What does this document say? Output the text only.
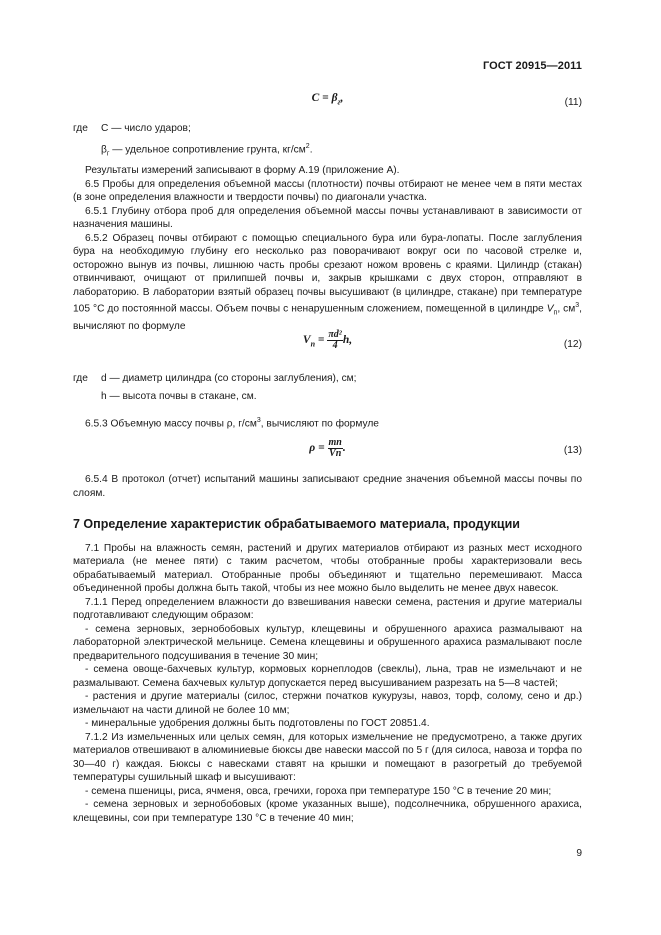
ГОСТ 20915—2011
$C = \beta_г$,	(11)
где C — число ударов;

$\beta_г$ — удельное сопротивление грунта, $кг/см^2$.

Результаты измерений записывают в форму А.19 (приложение А).

6.5 Пробы для определения объемной массы (плотности) почвы отбирают не менее чем в пяти местах (в зоне определения влажности и твердости почвы) по диагонали участка.

6.5.1 Глубину отбора проб для определения объемной массы почвы устанавливают в зависимости от назначения машины.

6.5.2 Образец почвы отбирают с помощью специального бура или бура-лопаты. После заглубления бура на необходимую глубину его несколько раз поворачивают вокруг оси по часовой стрелке и, осторожно вынув из почвы, лишнюю часть пробы срезают ножом вровень с краями. Цилиндр (стакан) отвинчивают, очищают от прилипшей почвы и, закрыв крышками с двух сторон, отправляют в лабораторию. В лаборатории взятый образец почвы высушивают (в цилиндре, стакане) при температуре 105 °C до постоянной массы. Объем почвы с ненарушенным сложением, помещенной в цилиндре $V_п$, $см^3$, вычисляют по формуле

$V_п = \frac{\text{πd²}}{4} h$,	(12)
где d — диаметр цилиндра (со стороны заглубления), см;

h — высота почвы в стакане, см.

6.5.3 Объемную массу почвы ρ, $г/см^3$, вычисляют по формуле

$\rho = \frac{mп}{Vп}$ .	(13)

6.5.4 В протокол (отчет) испытаний машины записывают средние значения объемной массы почвы по слоям.

7 Определение характеристик обрабатываемого материала, продукции

7.1 Пробы на влажность семян, растений и других материалов отбирают из разных мест исходного материала (не менее пяти) с таким расчетом, чтобы отобранные пробы характеризовали весь обрабатываемый материал. Отобранные пробы объединяют и тщательно перемешивают. Масса объединенной пробы должна быть такой, чтобы из нее можно было выделить не менее двух навесок.

7.1.1 Перед определением влажности до взвешивания навески семена, растения и другие материалы подготавливают следующим образом:

- семена зерновых, зернобобовых культур, клещевины и обрушенного арахиса размалывают на лабораторной электрической мельнице. Семена клещевины и обрушенного арахиса размалывают после предварительного подсушивания в течение 30 мин;

- семена овоще-бахчевых культур, кормовых корнеплодов (свеклы), льна, трав не измельчают и не размалывают. Семена бахчевых культур допускается перед высушиванием разрезать на 5—8 частей;

- растения и другие материалы (силос, стержни початков кукурузы, навоз, торф, солому, сено и др.) измельчают на части длиной не более 10 мм;

- минеральные удобрения должны быть подготовлены по ГОСТ 20851.4.

7.1.2 Из измельченных или целых семян, для которых измельчение не предусмотрено, а также других материалов отвешивают в алюминиевые бюксы две навески массой по 5 г (для силоса, навоза и торфа по 30—40 г) каждая. Бюксы с навесками ставят на крышки и помещают в разогретый до требуемой температуры сушильный шкаф и высушивают:

- семена пшеницы, риса, ячменя, овса, гречихи, гороха при температуре 150 °C в течение 20 мин;

- семена зерновых и зернобобовых (кроме указанных выше), подсолнечника, обрушенного арахиса, клещевины, сои при температуре 130 °C в течение 40 мин;

9
